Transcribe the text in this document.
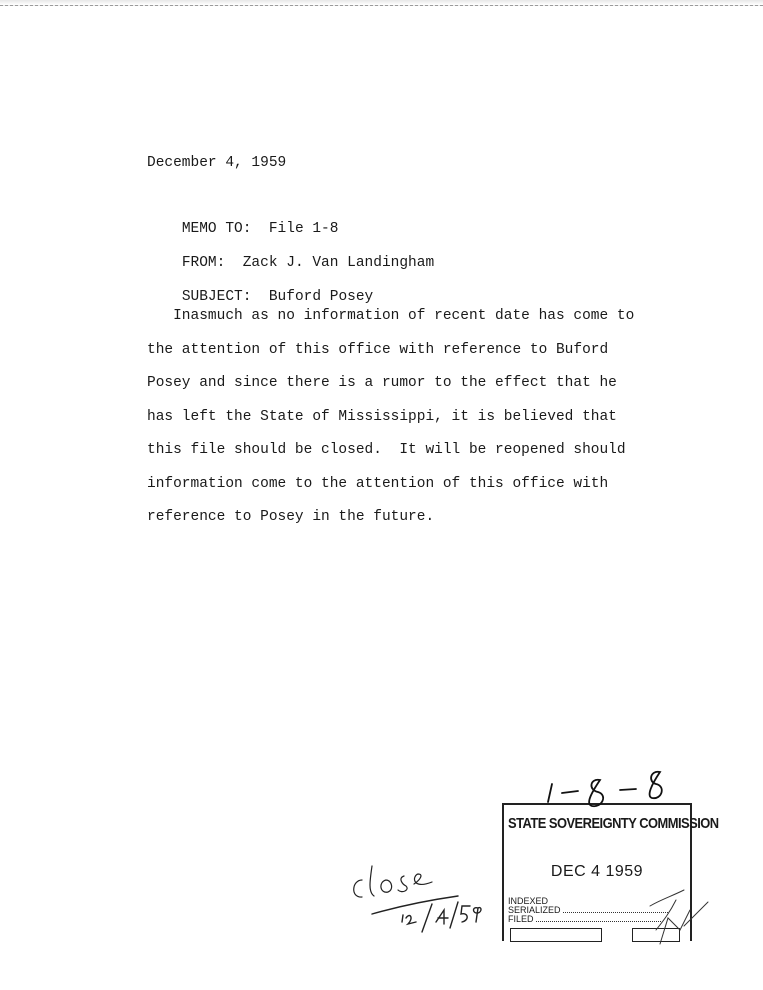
December 4, 1959

MEMO TO: File 1-8

FROM: Zack J. Van Landingham

SUBJECT: Buford Posey

Inasmuch as no information of recent date has come to
the attention of this office with reference to Buford
Posey and since there is a rumor to the effect that he
has left the State of Mississippi, it is believed that
this file should be closed.  It will be reopened should
information come to the attention of this office with
reference to Posey in the future.
STATE SOVEREIGNTY COMMISSION
DEC 4 1959
INDEXED
SERIALIZED
FILED
